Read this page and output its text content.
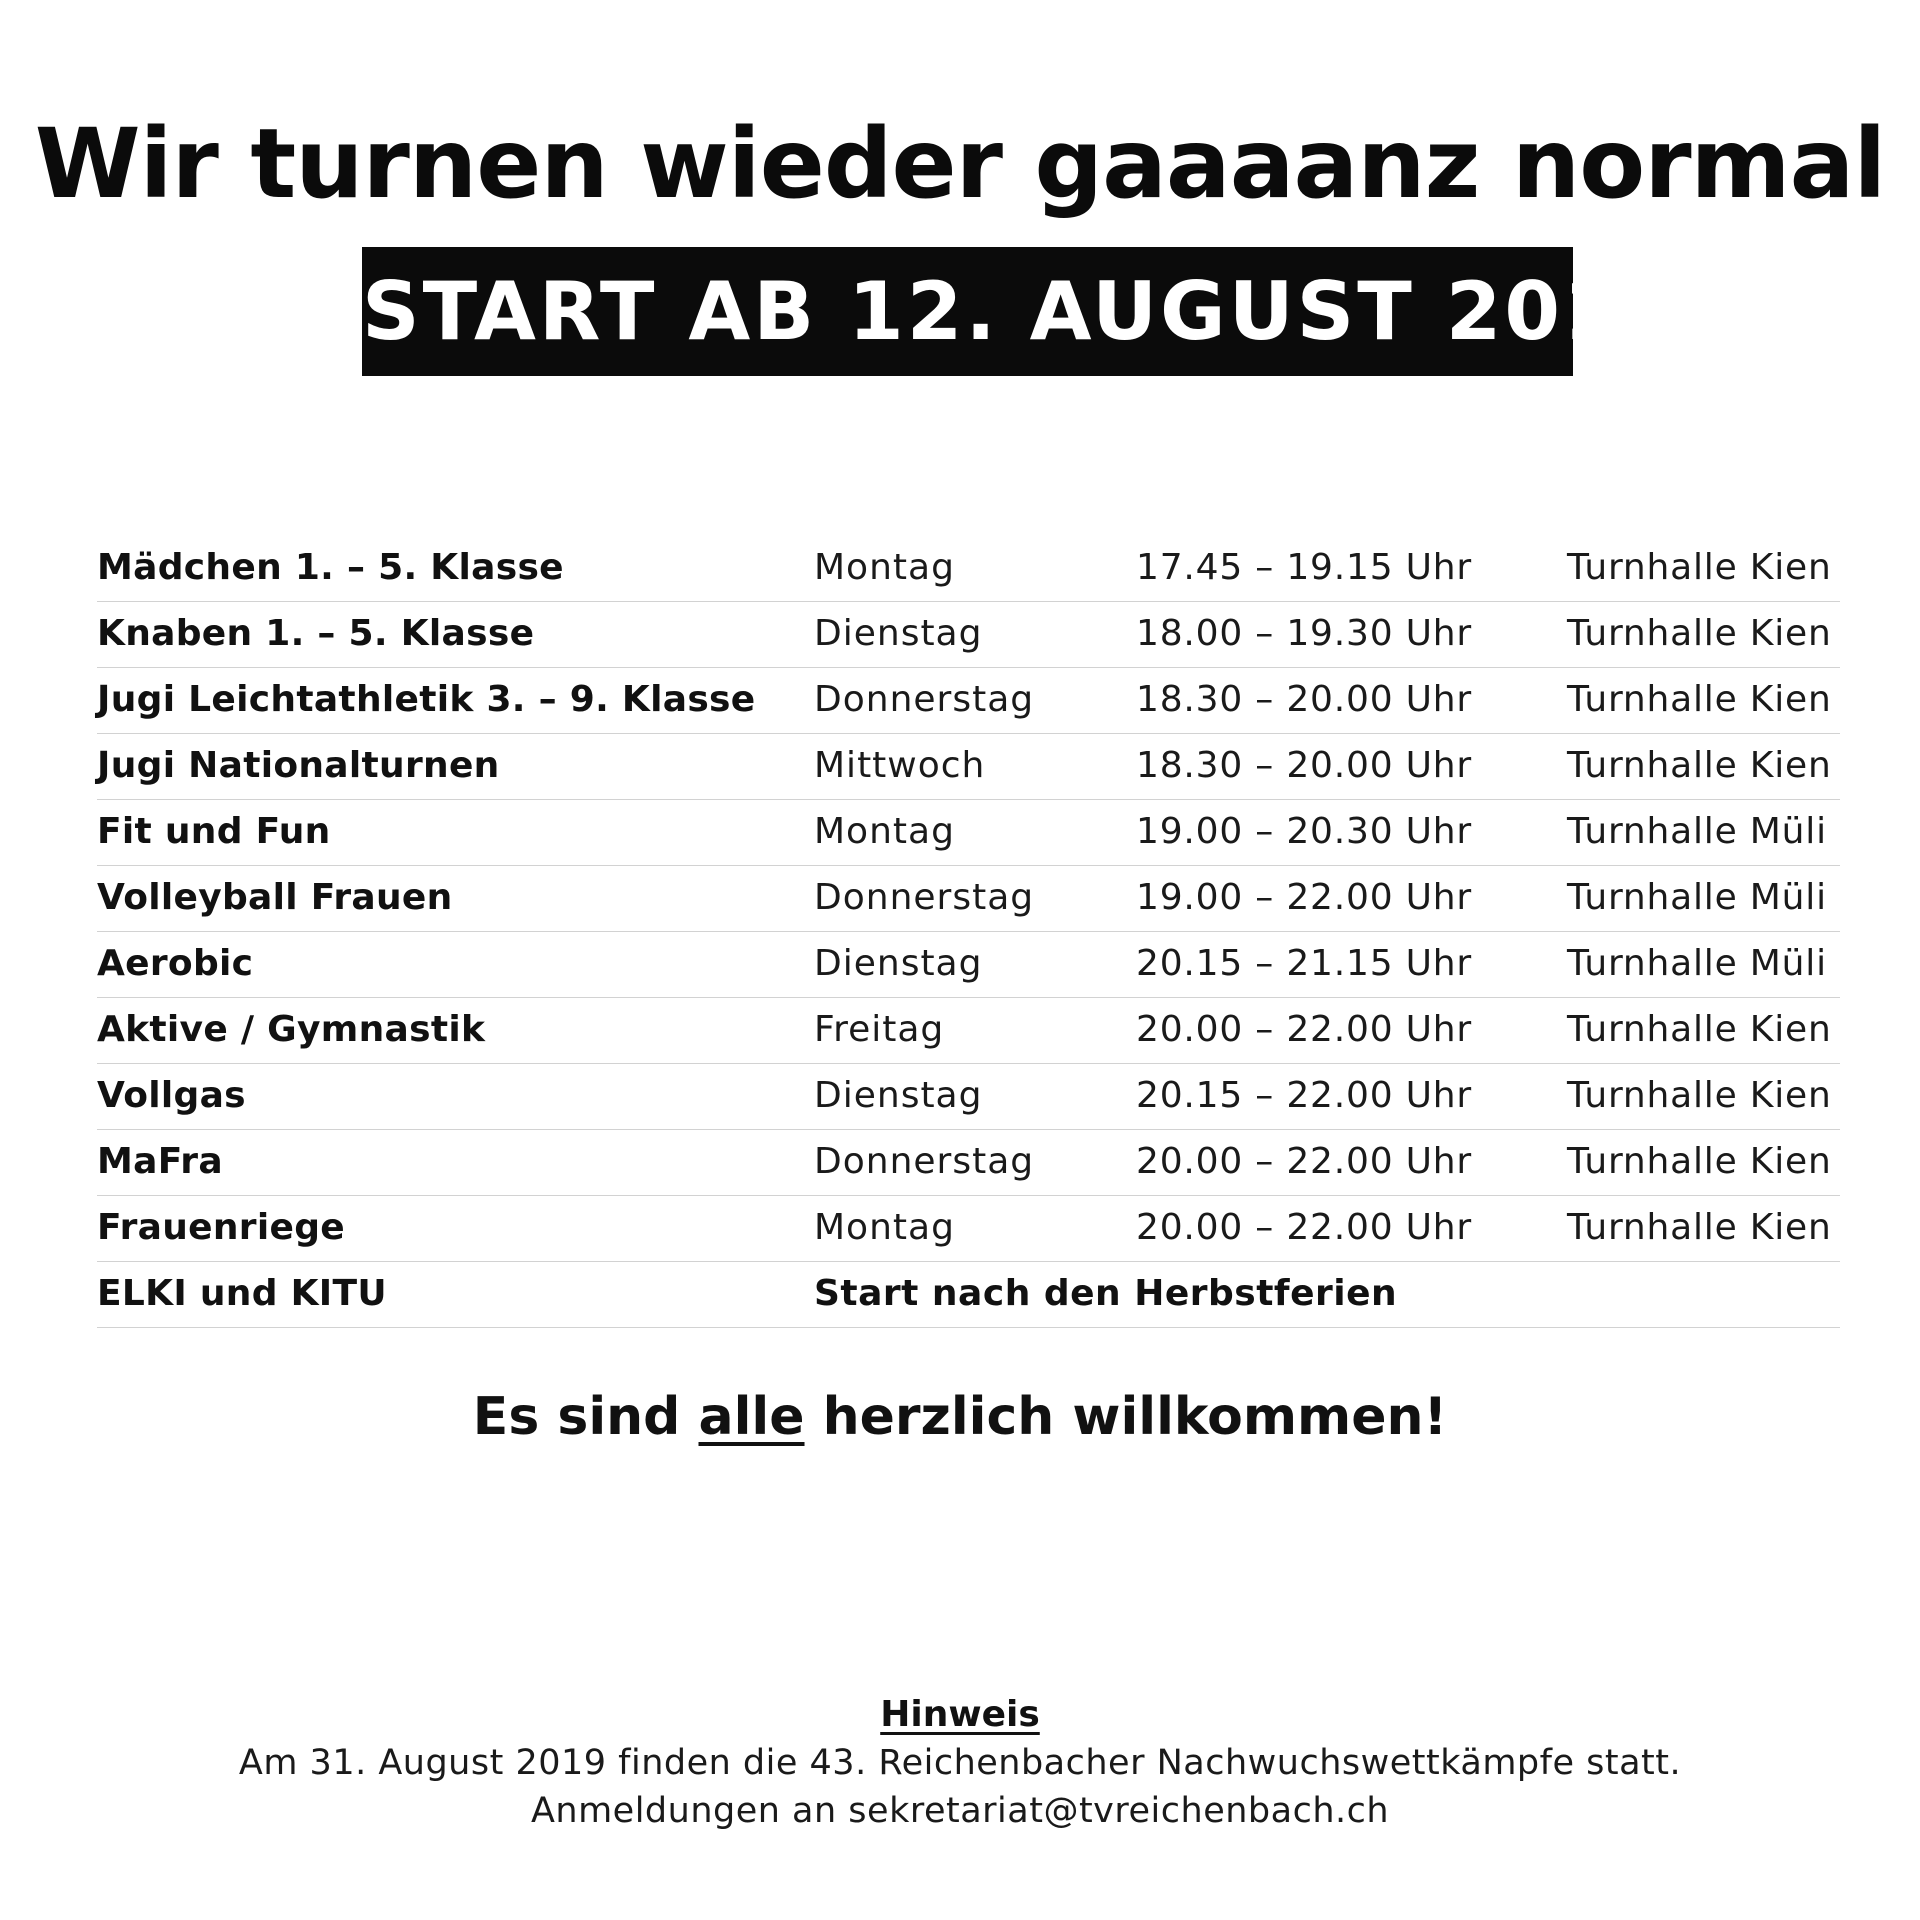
Wir turnen wieder gaaaanz normal
START AB 12. AUGUST 2019
Mädchen 1. – 5. Klasse	Montag	17.45 – 19.15 Uhr	Turnhalle Kien
Knaben 1. – 5. Klasse	Dienstag	18.00 – 19.30 Uhr	Turnhalle Kien
Jugi Leichtathletik 3. – 9. Klasse Donnerstag	18.30 – 20.00 Uhr	Turnhalle Kien
Jugi Nationalturnen	Mittwoch	18.30 – 20.00 Uhr	Turnhalle Kien
Fit und Fun	Montag	19.00 – 20.30 Uhr	Turnhalle Müli
Volleyball Frauen	Donnerstag	19.00 – 22.00 Uhr	Turnhalle Müli
Aerobic	Dienstag	20.15 – 21.15 Uhr	Turnhalle Müli
Aktive / Gymnastik	Freitag	20.00 – 22.00 Uhr	Turnhalle Kien
Vollgas	Dienstag	20.15 – 22.00 Uhr	Turnhalle Kien
MaFra	Donnerstag	20.00 – 22.00 Uhr	Turnhalle Kien
Frauenriege	Montag	20.00 – 22.00 Uhr	Turnhalle Kien
ELKI und KITU	Start nach den Herbstferien
Es sind alle herzlich willkommen!
Hinweis
Am 31. August 2019 finden die 43. Reichenbacher Nachwuchswettkämpfe statt.
Anmeldungen an sekretariat@tvreichenbach.ch
